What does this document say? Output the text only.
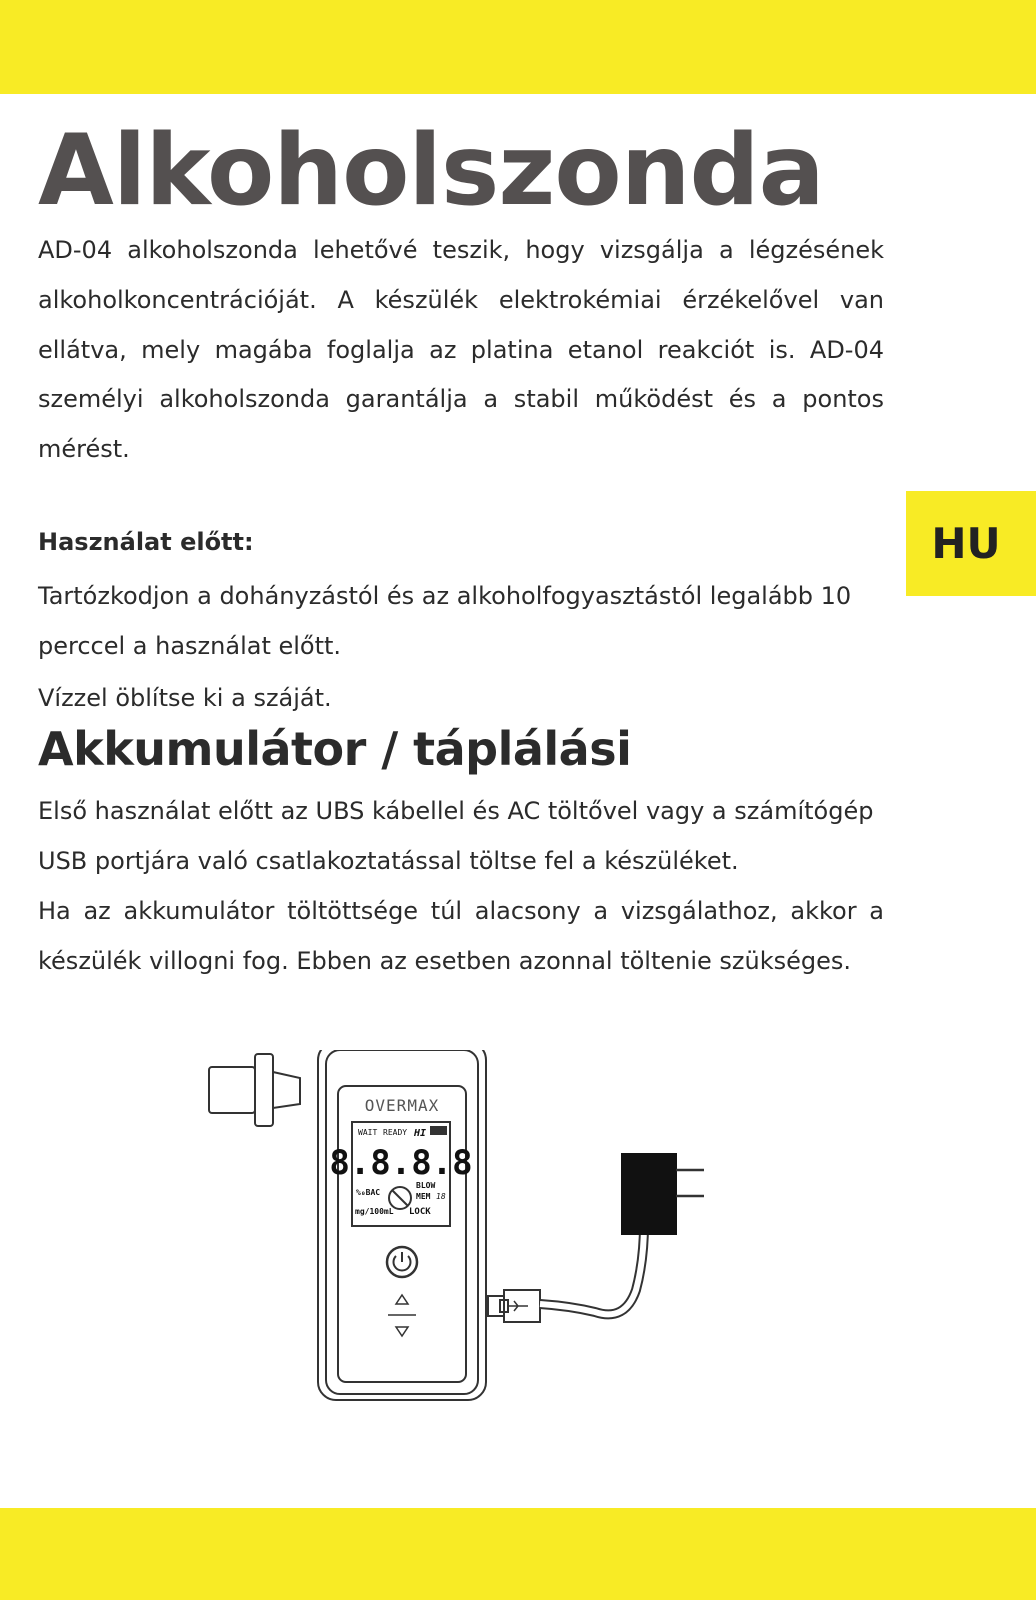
Alkoholszonda

AD-04 alkoholszonda lehetővé teszik, hogy vizsgálja a légzésének alkoholkoncentrációját. A készülék elektrokémiai érzékelővel van ellátva, mely magába foglalja az platina etanol reakciót is. AD-04 személyi alkoholszonda garantálja a stabil működést és a pontos mérést.

Használat előtt:

Tartózkodjon a dohányzástól és az alkoholfogyasztástól legalább 10 perccel a használat előtt.

Vízzel öblítse ki a száját.

Akkumulátor / táplálási

Első használat előtt az UBS kábellel és AC töltővel vagy a számítógép USB portjára való csatlakoztatással töltse fel a készüléket.

Ha az akkumulátor töltöttsége túl alacsony a vizsgálathoz, akkor a készülék villogni fog. Ebben az esetben azonnal töltenie szükséges.

HU
OVERMAX
WAIT READY HI
8.8.8.8
%₀BAC
BLOW
MEM 18
mg/100mL LOCK
